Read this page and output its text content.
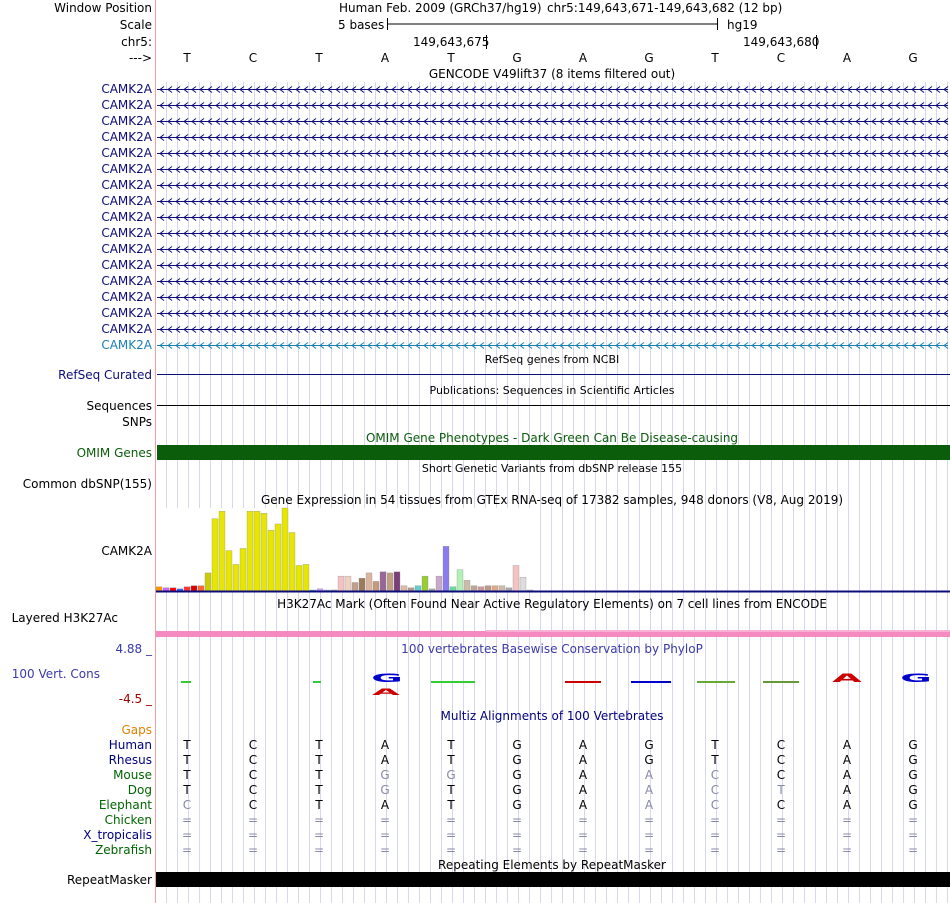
G	A G
A
Window Position	Human Feb. 2009 (GRCh37/hg19) chr5:149,643,671-149,643,682 (12 bp)
Scale	5 bases	hg19
chr5:	149,643,675	149,643,680
--->	T	C	T	A	T	G	A	G	T	C	A	G
GENCODE V49lift37 (8 items filtered out)
CAMK2A
CAMK2A
CAMK2A
CAMK2A
CAMK2A
CAMK2A
CAMK2A
CAMK2A
CAMK2A
CAMK2A
CAMK2A
CAMK2A
CAMK2A
CAMK2A
CAMK2A
CAMK2A
CAMK2A
RefSeq genes from NCBI
RefSeq Curated
Publications: Sequences in Scientific Articles
Sequences
SNPs
OMIM Gene Phenotypes - Dark Green Can Be Disease-causing
OMIM Genes
Short Genetic Variants from dbSNP release 155
Common dbSNP(155)
Gene Expression in 54 tissues from GTEx RNA-seq of 17382 samples, 948 donors (V8, Aug 2019)
CAMK2A
H3K27Ac Mark (Often Found Near Active Regulatory Elements) on 7 cell lines from ENCODE
Layered H3K27Ac
100 vertebrates Basewise Conservation by PhyloP
4.88 _
100 Vert. Cons
-4.5 _
Multiz Alignments of 100 Vertebrates
Gaps
Human	T	C	T	A	T	G	A	G	T	C	A	G
Rhesus	T	C	T	A	T	G	A	G	T	C	A	G
Mouse	T	C	T	G	G	G	A	A	C	C	A	G
Dog	T	C	T	G	T	G	A	A	C	T	A	G
Elephant	C	C	T	A	T	G	A	A	C	C	A	G
Chicken =	=	=	=	=	=	=	=	=	=	=	=
X_tropicalis =	=	=	=	=	=	=	=	=	=	=	=
Zebrafish =	=	=	=	=	=	=	=	=	=	=	=
Repeating Elements by RepeatMasker
RepeatMasker
